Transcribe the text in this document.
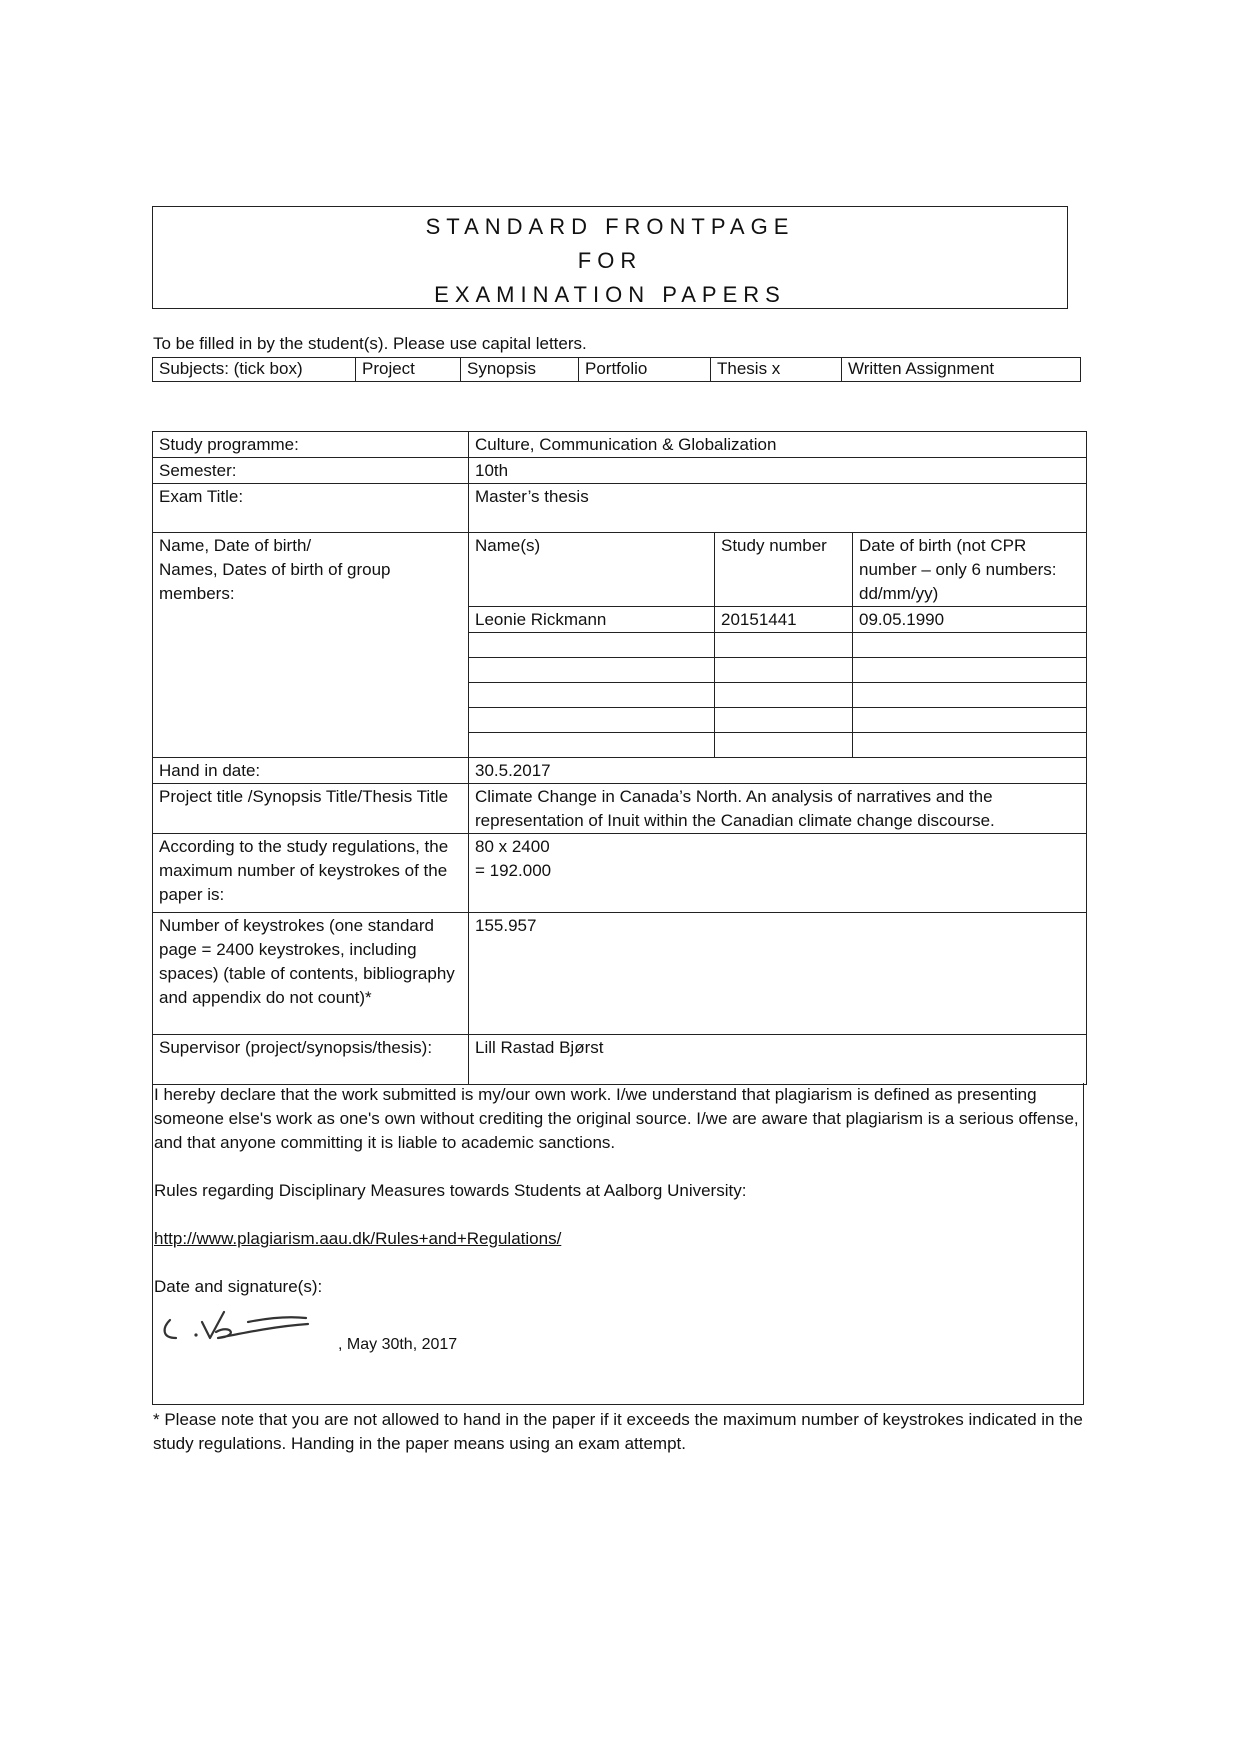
STANDARD FRONTPAGE
FOR
EXAMINATION PAPERS
To be filled in by the student(s). Please use capital letters.
Subjects: (tick box)	Project	Synopsis	Portfolio	Thesis x	Written Assignment
Study programme:	Culture, Communication & Globalization		
Semester:	10th		
Exam Title:	Master’s thesis		

Name, Date of birth/
Names, Dates of birth of group members:	Name(s)	Study number	Date of birth (not CPR number – only 6 numbers: dd/mm/yy)
	Leonie Rickmann	20151441	09.05.1990

Hand in date:	30.5.2017		
Project title /Synopsis Title/Thesis Title	Climate Change in Canada’s North. An analysis of narratives and the representation of Inuit within the Canadian climate change discourse.		
According to the study regulations, the maximum number of keystrokes of the paper is:	80 x 2400
= 192.000		

Number of keystrokes (one standard page = 2400 keystrokes, including spaces) (table of contents, bibliography and appendix do not count)*	155.957		
Supervisor (project/synopsis/thesis):	Lill Rastad Bjørst		

I hereby declare that the work submitted is my/our own work. I/we understand that plagiarism is defined as presenting someone else's work as one's own without crediting the original source. I/we are aware that plagiarism is a serious offense, and that anyone committing it is liable to academic sanctions.

Rules regarding Disciplinary Measures towards Students at Aalborg University:

http://www.plagiarism.aau.dk/Rules+and+Regulations/

Date and signature(s):

, May 30th, 2017
* Please note that you are not allowed to hand in the paper if it exceeds the maximum number of keystrokes indicated in the study regulations. Handing in the paper means using an exam attempt.
